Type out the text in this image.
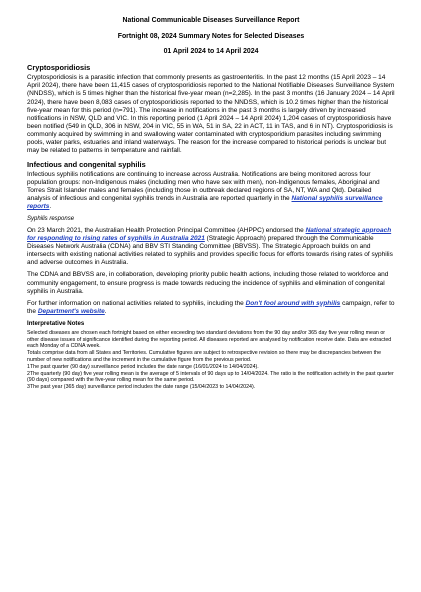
National Communicable Diseases Surveillance Report
Fortnight 08, 2024 Summary Notes for Selected Diseases
01 April 2024 to 14 April 2024
Cryptosporidiosis

Cryptosporidiosis is a parasitic infection that commonly presents as gastroenteritis. In the past 12 months (15 April 2023 – 14 April 2024), there have been 11,415 cases of cryptosporidiosis reported to the National Notifiable Diseases Surveillance System (NNDSS), which is 5 times higher than the historical five-year mean (n=2,285). In the past 3 months (16 January 2024 – 14 April 2024), there have been 8,083 cases of cryptosporidiosis reported to the NNDSS, which is 10.2 times higher than the historical five-year mean for this period (n=791). The increase in notifications in the past 3 months is largely driven by increased notifications in NSW, QLD and VIC. In this reporting period (1 April 2024 – 14 April 2024) 1,204 cases of cryptosporidiosis have been notified (549 in QLD, 306 in NSW, 204 in VIC, 55 in WA, 51 in SA, 22 in ACT, 11 in TAS, and 6 in NT). Cryptosporidiosis is commonly acquired by swimming in and swallowing water contaminated with cryptosporidium parasites including swimming pools, water parks, estuaries and inland waterways. The reason for the increase compared to historical periods is unclear but may be related to patterns in temperature and rainfall.

Infectious and congenital syphilis

Infectious syphilis notifications are continuing to increase across Australia. Notifications are being monitored across four population groups: non-Indigenous males (including men who have sex with men), non-Indigenous females, Aboriginal and Torres Strait Islander males and females (including those in outbreak declared regions of SA, NT, WA and Qld). Detailed analysis of infectious and congenital syphilis trends in Australia are reported quarterly in the National syphilis surveillance reports.

Syphilis response

On 23 March 2021, the Australian Health Protection Principal Committee (AHPPC) endorsed the National strategic approach for responding to rising rates of syphilis in Australia 2021 (Strategic Approach) prepared through the Communicable Diseases Network Australia (CDNA) and BBV STI Standing Committee (BBVSS). The Strategic Approach builds on and intersects with existing national activities related to syphilis and provides specific focus for efforts towards rising rates of syphilis and adverse outcomes in Australia.

The CDNA and BBVSS are, in collaboration, developing priority public health actions, including those related to workforce and community engagement, to ensure progress is made towards reducing the incidence of syphilis and elimination of congenital syphilis in Australia.

For further information on national activities related to syphilis, including the Don't fool around with syphilis campaign, refer to the Department's website.

Interpretative Notes

Selected diseases are chosen each fortnight based on either exceeding two standard deviations from the 90 day and/or 365 day five year rolling mean or other disease issues of significance identified during the reporting period. All diseases reported are analysed by notification receive date. Data are extracted each Monday of a CDNA week.

Totals comprise data from all States and Territories. Cumulative figures are subject to retrospective revision so there may be discrepancies between the number of new notifications and the increment in the cumulative figure from the previous period.

1The past quarter (90 day) surveillance period includes the date range (16/01/2024 to 14/04/2024).

2The quarterly (90 day) five year rolling mean is the average of 5 intervals of 90 days up to 14/04/2024. The ratio is the notification activity in the past quarter (90 days) compared with the five-year rolling mean for the same period.

3The past year (365 day) surveillance period includes the date range (15/04/2023 to 14/04/2024).
